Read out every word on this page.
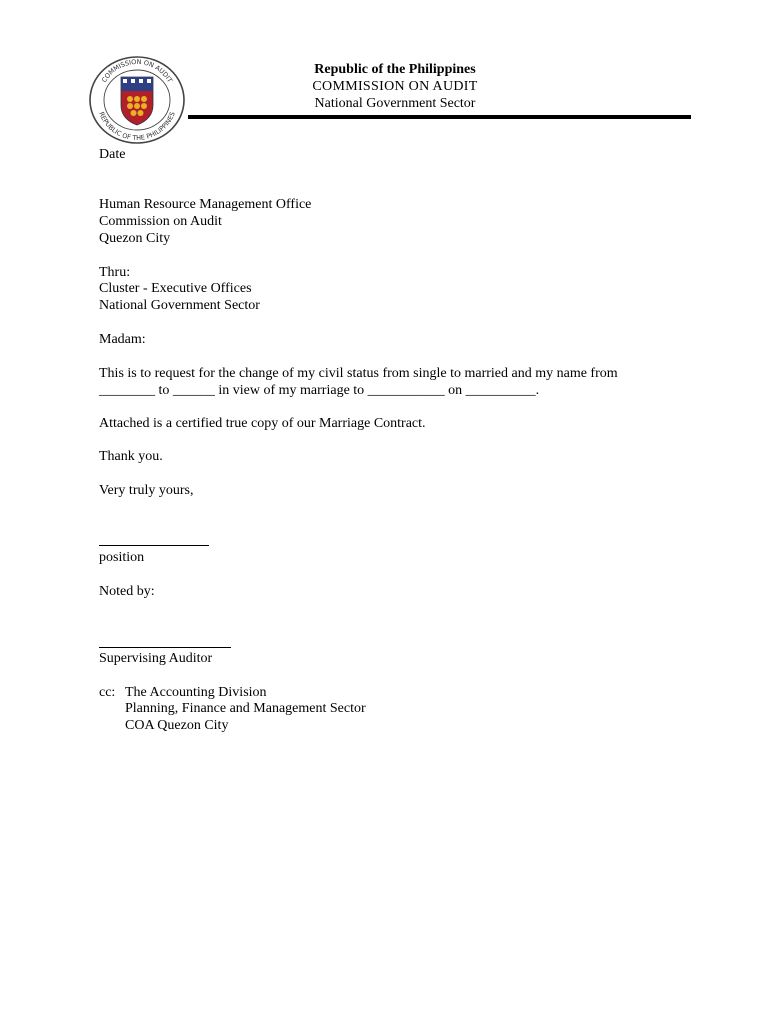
COMMISSION ON AUDIT
REPUBLIC OF THE PHILIPPINES
Republic of the Philippines
COMMISSION ON AUDIT
National Government Sector
Date
Human Resource Management Office
Commission on Audit
Quezon City
Thru:
Cluster - Executive Offices
National Government Sector
Madam:
This is to request for the change of my civil status from single to married and my name from
________ to ______ in view of my marriage to ___________ on __________.
Attached is a certified true copy of our Marriage Contract.
Thank you.
Very truly yours,
position
Noted by:
Supervising Auditor
cc: The Accounting Division
Planning, Finance and Management Sector
COA Quezon City
